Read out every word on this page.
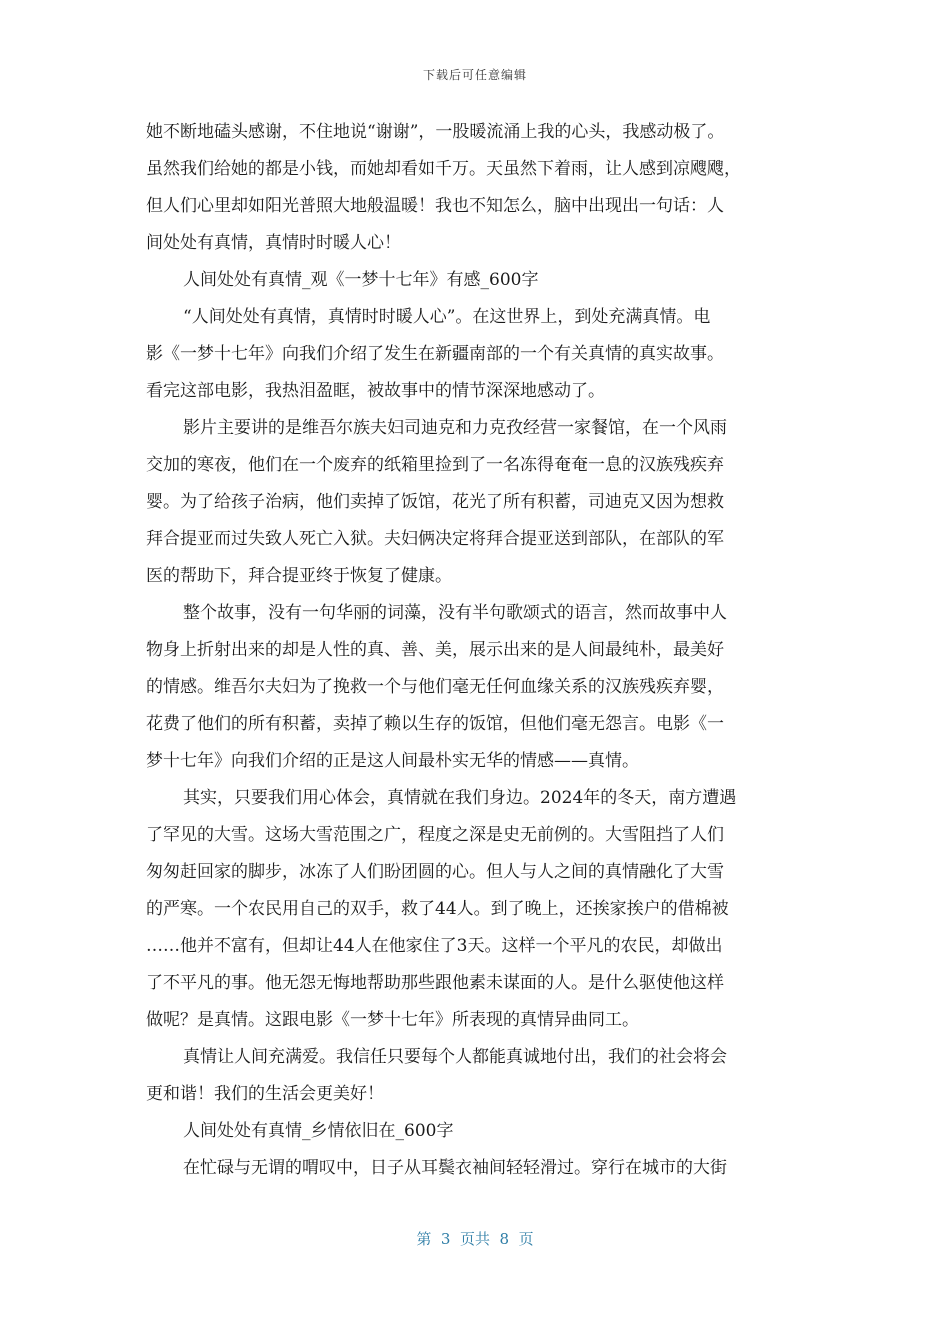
下载后可任意编辑
她不断地磕头感谢，不住地说“谢谢”，一股暖流涌上我的心头，我感动极了。
虽然我们给她的都是小钱，而她却看如千万。天虽然下着雨，让人感到凉飕飕，
但人们心里却如阳光普照大地般温暖！我也不知怎么，脑中出现出一句话：人
间处处有真情，真情时时暖人心！
人间处处有真情_观《一梦十七年》有感_600字
“人间处处有真情，真情时时暖人心”。在这世界上，到处充满真情。电
影《一梦十七年》向我们介绍了发生在新疆南部的一个有关真情的真实故事。
看完这部电影，我热泪盈眶，被故事中的情节深深地感动了。
影片主要讲的是维吾尔族夫妇司迪克和力克孜经营一家餐馆，在一个风雨
交加的寒夜，他们在一个废弃的纸箱里捡到了一名冻得奄奄一息的汉族残疾弃
婴。为了给孩子治病，他们卖掉了饭馆，花光了所有积蓄，司迪克又因为想救
拜合提亚而过失致人死亡入狱。夫妇俩决定将拜合提亚送到部队，在部队的军
医的帮助下，拜合提亚终于恢复了健康。
整个故事，没有一句华丽的词藻，没有半句歌颂式的语言，然而故事中人
物身上折射出来的却是人性的真、善、美，展示出来的是人间最纯朴，最美好
的情感。维吾尔夫妇为了挽救一个与他们毫无任何血缘关系的汉族残疾弃婴，
花费了他们的所有积蓄，卖掉了赖以生存的饭馆，但他们毫无怨言。电影《一
梦十七年》向我们介绍的正是这人间最朴实无华的情感——真情。
其实，只要我们用心体会，真情就在我们身边。2024年的冬天，南方遭遇
了罕见的大雪。这场大雪范围之广，程度之深是史无前例的。大雪阻挡了人们
匆匆赶回家的脚步，冰冻了人们盼团圆的心。但人与人之间的真情融化了大雪
的严寒。一个农民用自己的双手，救了44人。到了晚上，还挨家挨户的借棉被
……他并不富有，但却让44人在他家住了3天。这样一个平凡的农民，却做出
了不平凡的事。他无怨无悔地帮助那些跟他素未谋面的人。是什么驱使他这样
做呢？是真情。这跟电影《一梦十七年》所表现的真情异曲同工。
真情让人间充满爱。我信任只要每个人都能真诚地付出，我们的社会将会
更和谐！我们的生活会更美好！
人间处处有真情_乡情依旧在_600字
在忙碌与无谓的喟叹中，日子从耳鬓衣袖间轻轻滑过。穿行在城市的大街
第  3  页共  8  页
